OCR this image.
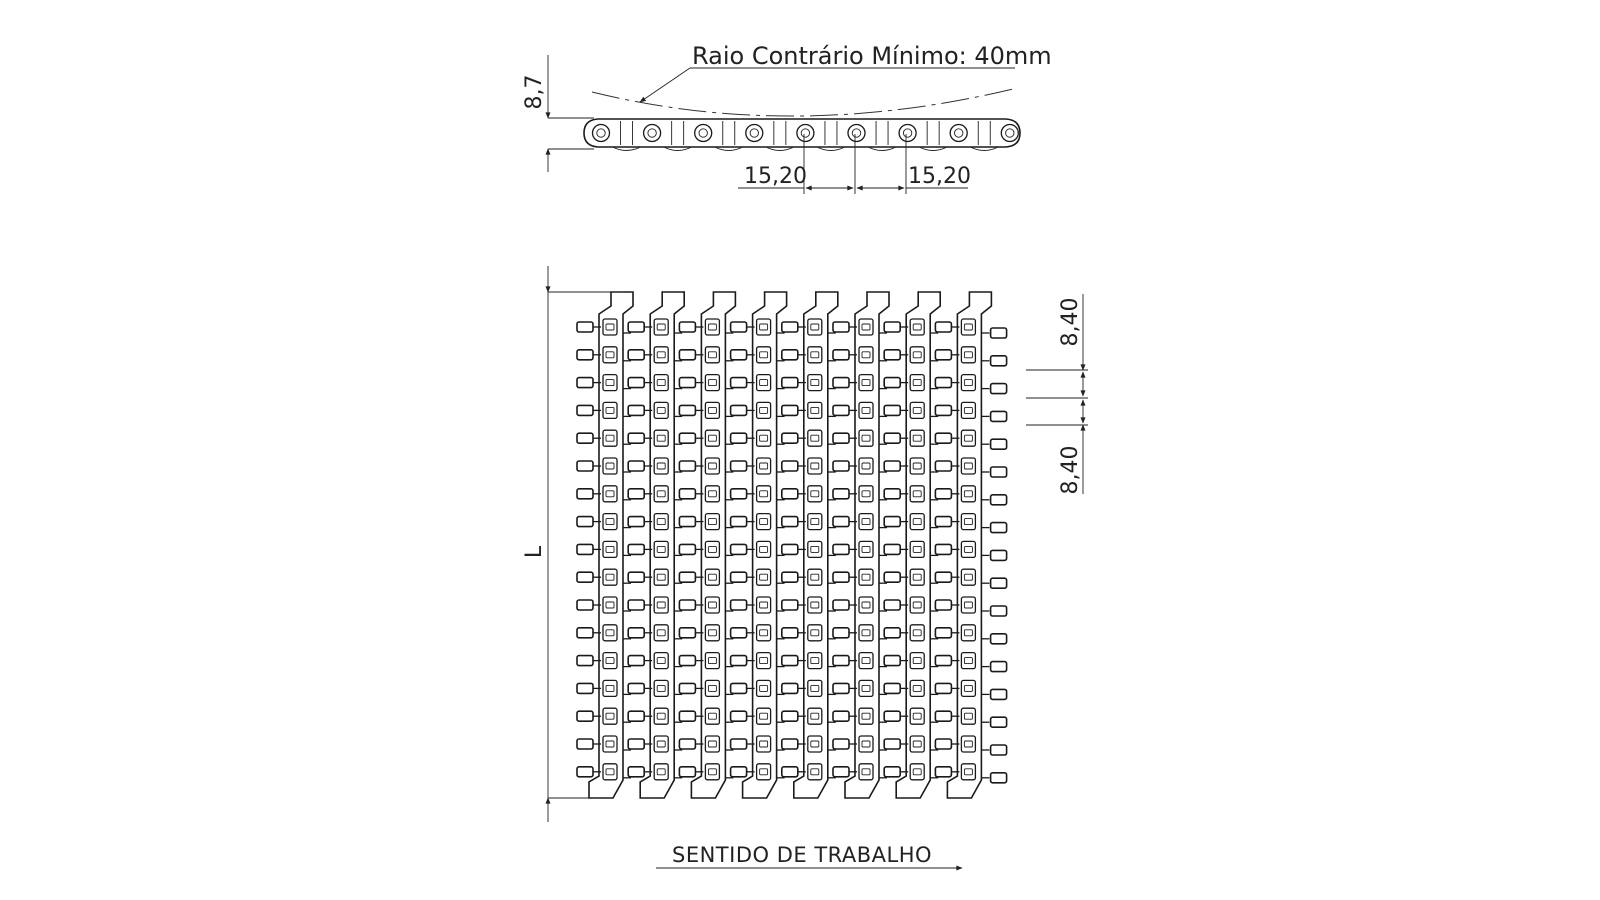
Raio Contrário Mínimo: 40mm
8,7
15,20	15,20
L
8,40
8,40
SENTIDO DE TRABALHO
